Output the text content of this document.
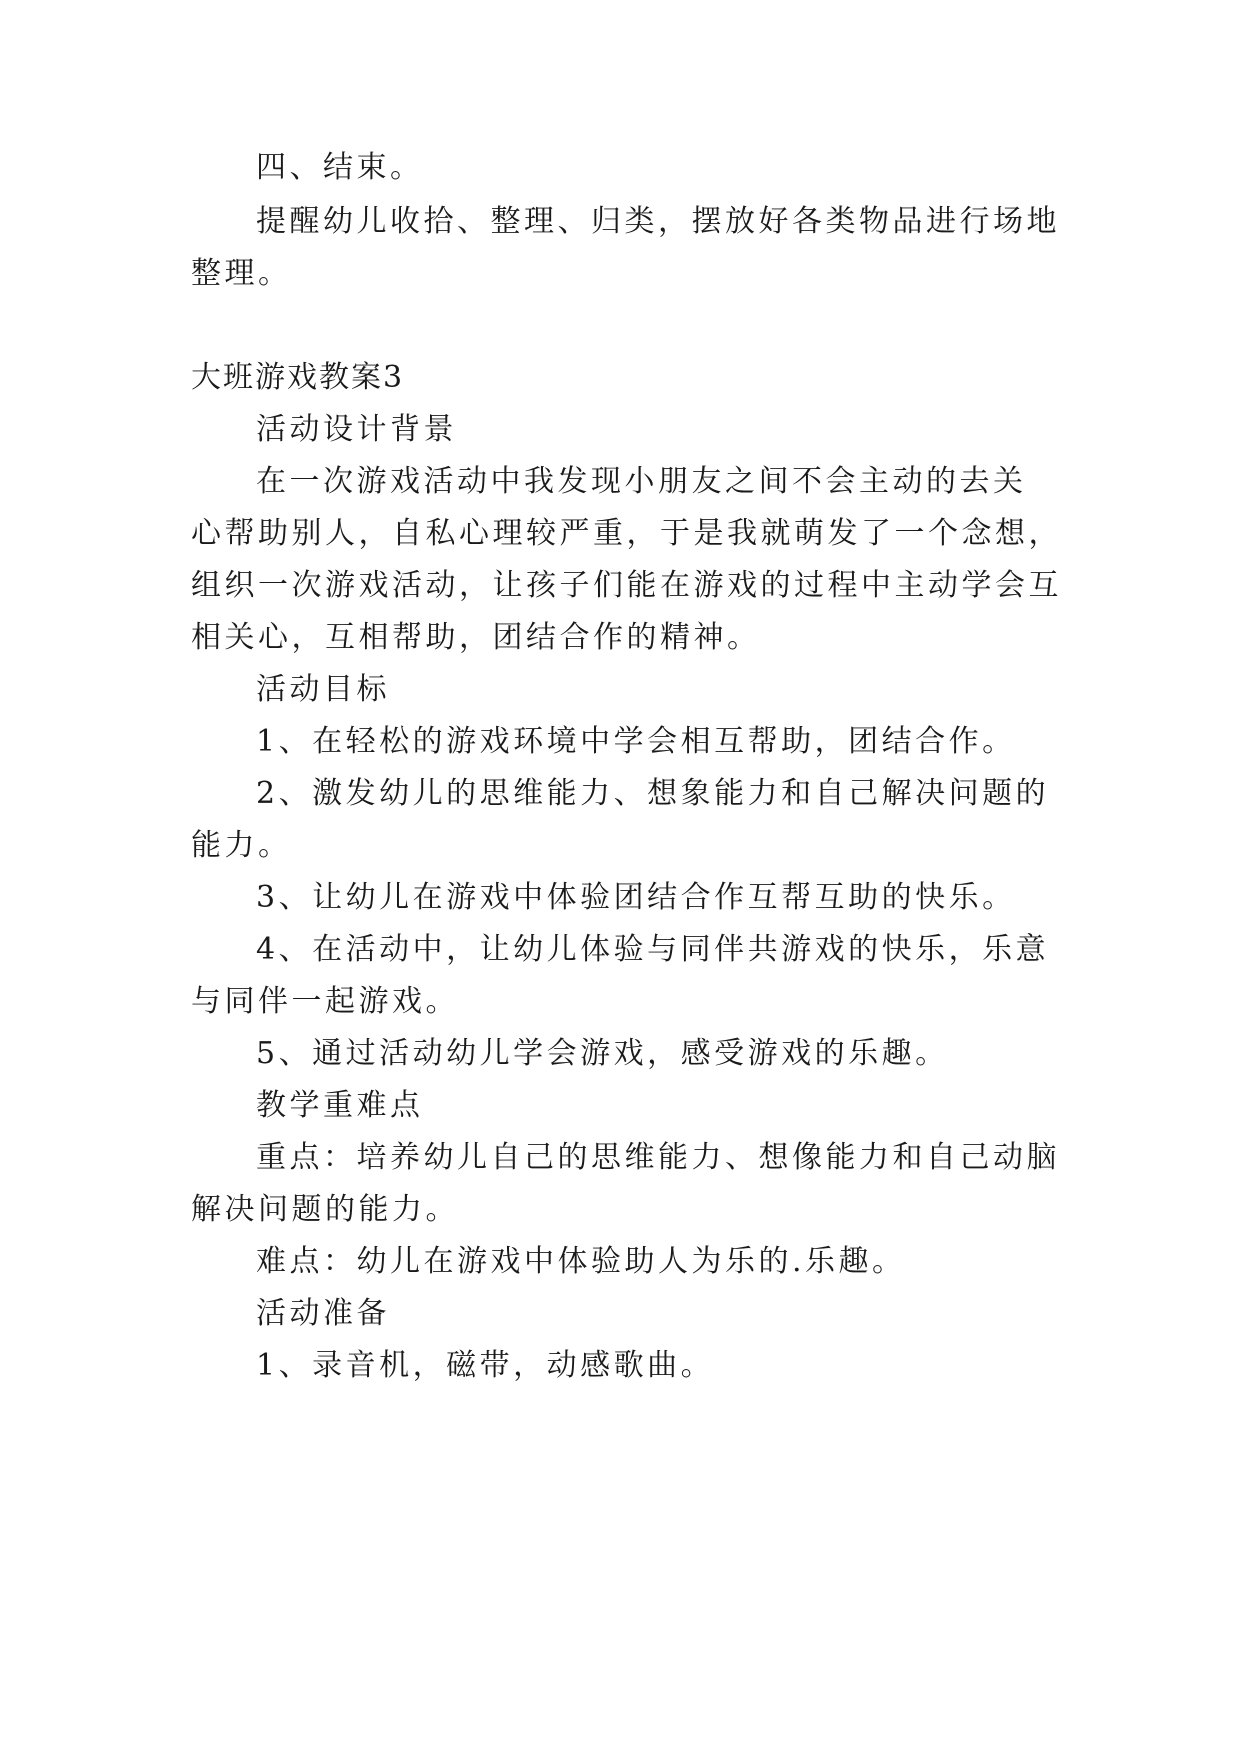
四、结束。

提醒幼儿收拾、整理、归类，摆放好各类物品进行场地

整理。

大班游戏教案3

活动设计背景

在一次游戏活动中我发现小朋友之间不会主动的去关

心帮助别人，自私心理较严重，于是我就萌发了一个念想，

组织一次游戏活动，让孩子们能在游戏的过程中主动学会互

相关心，互相帮助，团结合作的精神。

活动目标

1、在轻松的游戏环境中学会相互帮助，团结合作。

2、激发幼儿的思维能力、想象能力和自己解决问题的

能力。

3、让幼儿在游戏中体验团结合作互帮互助的快乐。

4、在活动中，让幼儿体验与同伴共游戏的快乐，乐意

与同伴一起游戏。

5、通过活动幼儿学会游戏，感受游戏的乐趣。

教学重难点

重点：培养幼儿自己的思维能力、想像能力和自己动脑

解决问题的能力。

难点：幼儿在游戏中体验助人为乐的.乐趣。

活动准备

1、录音机，磁带，动感歌曲。
